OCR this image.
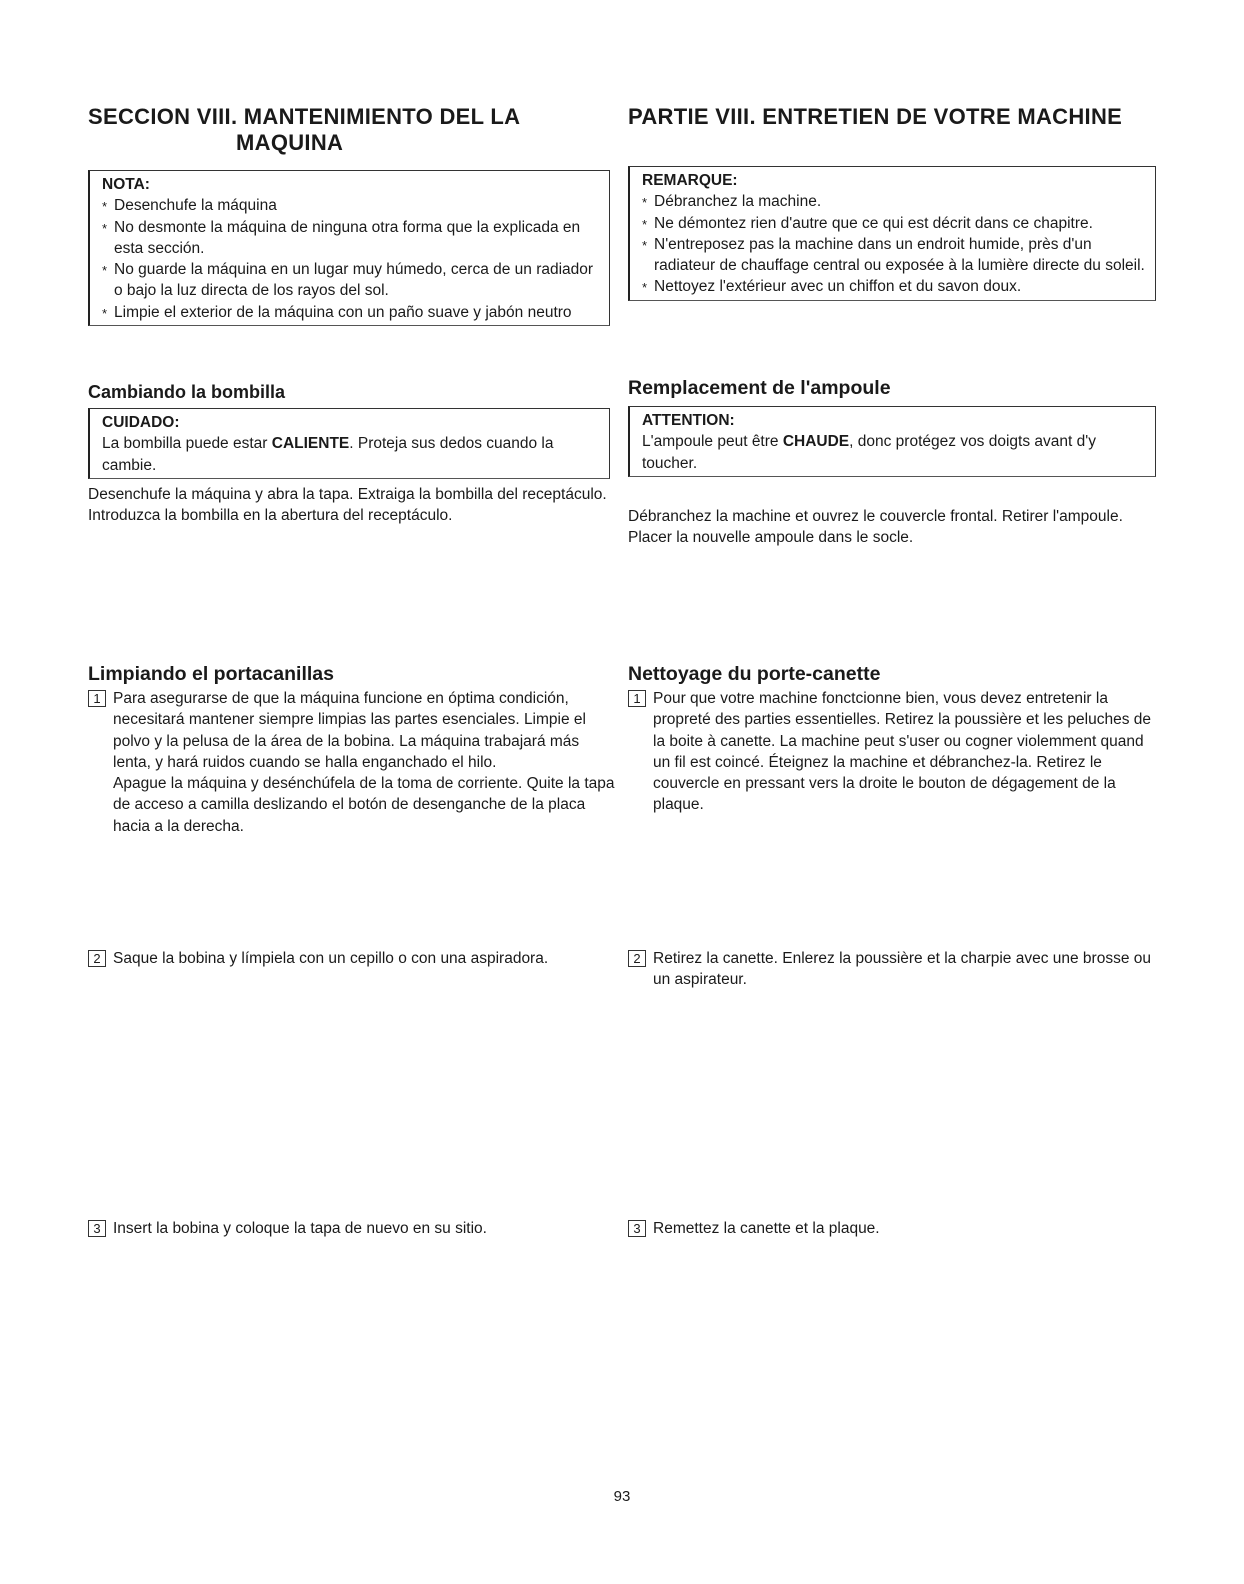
SECCION VIII. MANTENIMIENTO DEL LA
MAQUINA
NOTA:
* Desenchufe la máquina
* No desmonte la máquina de ninguna otra forma que la explicada en esta sección.
* No guarde la máquina en un lugar muy húmedo, cerca de un radiador o bajo la luz directa de los rayos del sol.
* Limpie el exterior de la máquina con un paño suave y jabón neutro
Cambiando la bombilla
CUIDADO:

La bombilla puede estar CALIENTE. Proteja sus dedos cuando la cambie.

Desenchufe la máquina y abra la tapa. Extraiga la bombilla del receptáculo. Introduzca la bombilla en la abertura del receptáculo.

Limpiando el portacanillas
1 Para asegurarse de que la máquina funcione en óptima condición, necesitará mantener siempre limpias las partes esenciales. Limpie el polvo y la pelusa de la área de la bobina. La máquina trabajará más lenta, y hará ruidos cuando se halla enganchado el hilo.
Apague la máquina y desénchúfela de la toma de corriente. Quite la tapa de acceso a camilla deslizando el botón de desenganche de la placa hacia a la derecha.
2 Saque la bobina y límpiela con un cepillo o con una aspiradora.
3 Insert la bobina y coloque la tapa de nuevo en su sitio.
PARTIE VIII. ENTRETIEN DE VOTRE MACHINE
REMARQUE:
* Débranchez la machine.
* Ne démontez rien d'autre que ce qui est décrit dans ce chapitre.
* N'entreposez pas la machine dans un endroit humide, près d'un radiateur de chauffage central ou exposée à la lumière directe du soleil.
* Nettoyez l'extérieur avec un chiffon et du savon doux.
Remplacement de l'ampoule
ATTENTION:

L'ampoule peut être CHAUDE, donc protégez vos doigts avant d'y toucher.

Débranchez la machine et ouvrez le couvercle frontal. Retirer l'ampoule. Placer la nouvelle ampoule dans le socle.

Nettoyage du porte-canette
1 Pour que votre machine fonctcionne bien, vous devez entretenir la propreté des parties essentielles. Retirez la poussière et les peluches de la boite à canette. La machine peut s'user ou cogner violemment quand un fil est coincé. Éteignez la machine et débranchez-la. Retirez le couvercle en pressant vers la droite le bouton de dégagement de la plaque.
2 Retirez la canette. Enlerez la poussière et la charpie avec une brosse ou un aspirateur.
3 Remettez la canette et la plaque.
93
